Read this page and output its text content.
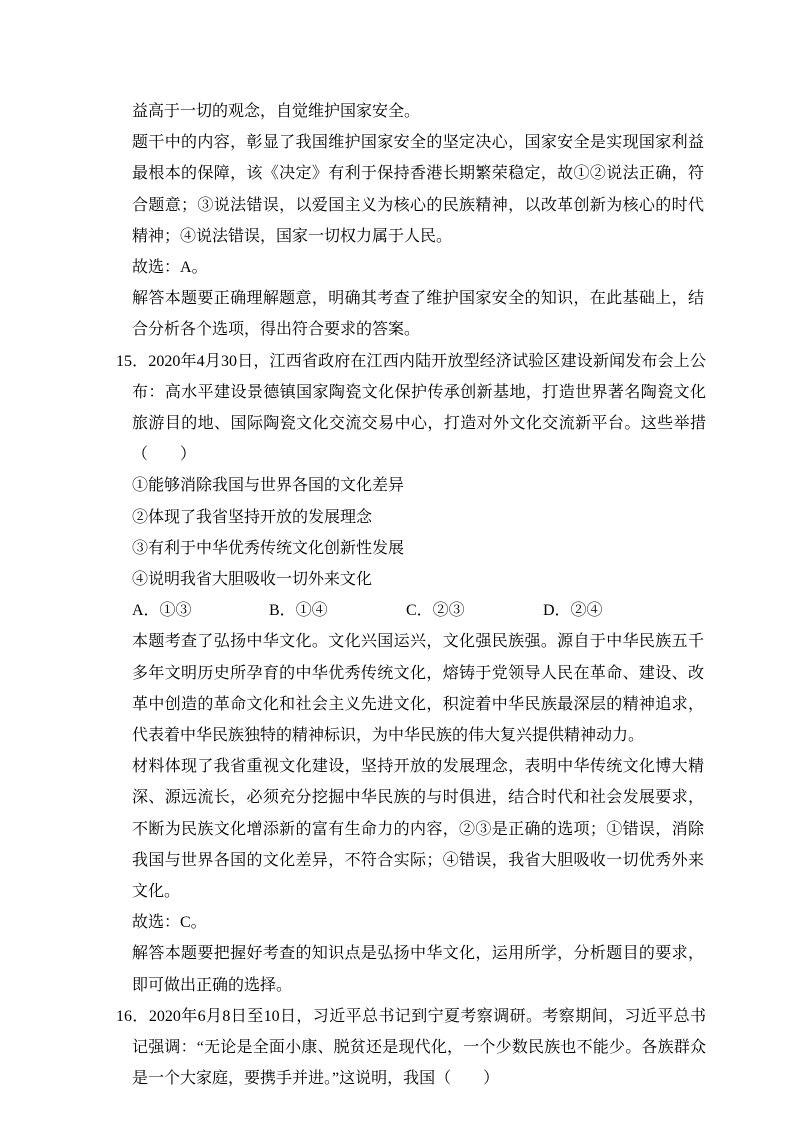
益高于一切的观念，自觉维护国家安全。

题干中的内容，彰显了我国维护国家安全的坚定决心，国家安全是实现国家利益最根本的保障，该《决定》有利于保持香港长期繁荣稳定，故①②说法正确，符合题意；③说法错误，以爱国主义为核心的民族精神，以改革创新为核心的时代精神；④说法错误，国家一切权力属于人民。

故选：A。

解答本题要正确理解题意，明确其考查了维护国家安全的知识，在此基础上，结合分析各个选项，得出符合要求的答案。

15．2020年4月30日，江西省政府在江西内陆开放型经济试验区建设新闻发布会上公布：高水平建设景德镇国家陶瓷文化保护传承创新基地，打造世界著名陶瓷文化旅游目的地、国际陶瓷文化交流交易中心，打造对外文化交流新平台。这些举措（　　）

①能够消除我国与世界各国的文化差异

②体现了我省坚持开放的发展理念

③有利于中华优秀传统文化创新性发展

④说明我省大胆吸收一切外来文化

A．①③	B．①④	C．②③	D．②④

本题考查了弘扬中华文化。文化兴国运兴，文化强民族强。源自于中华民族五千多年文明历史所孕育的中华优秀传统文化，熔铸于党领导人民在革命、建设、改革中创造的革命文化和社会主义先进文化，积淀着中华民族最深层的精神追求，代表着中华民族独特的精神标识，为中华民族的伟大复兴提供精神动力。

材料体现了我省重视文化建设，坚持开放的发展理念，表明中华传统文化博大精深、源远流长，必须充分挖掘中华民族的与时俱进，结合时代和社会发展要求，不断为民族文化增添新的富有生命力的内容，②③是正确的选项；①错误，消除我国与世界各国的文化差异，不符合实际；④错误，我省大胆吸收一切优秀外来文化。

故选：C。

解答本题要把握好考查的知识点是弘扬中华文化，运用所学，分析题目的要求，即可做出正确的选择。

16．2020年6月8日至10日，习近平总书记到宁夏考察调研。考察期间，习近平总书记强调：“无论是全面小康、脱贫还是现代化，一个少数民族也不能少。各族群众是一个大家庭，要携手并进。”这说明，我国（　　）
